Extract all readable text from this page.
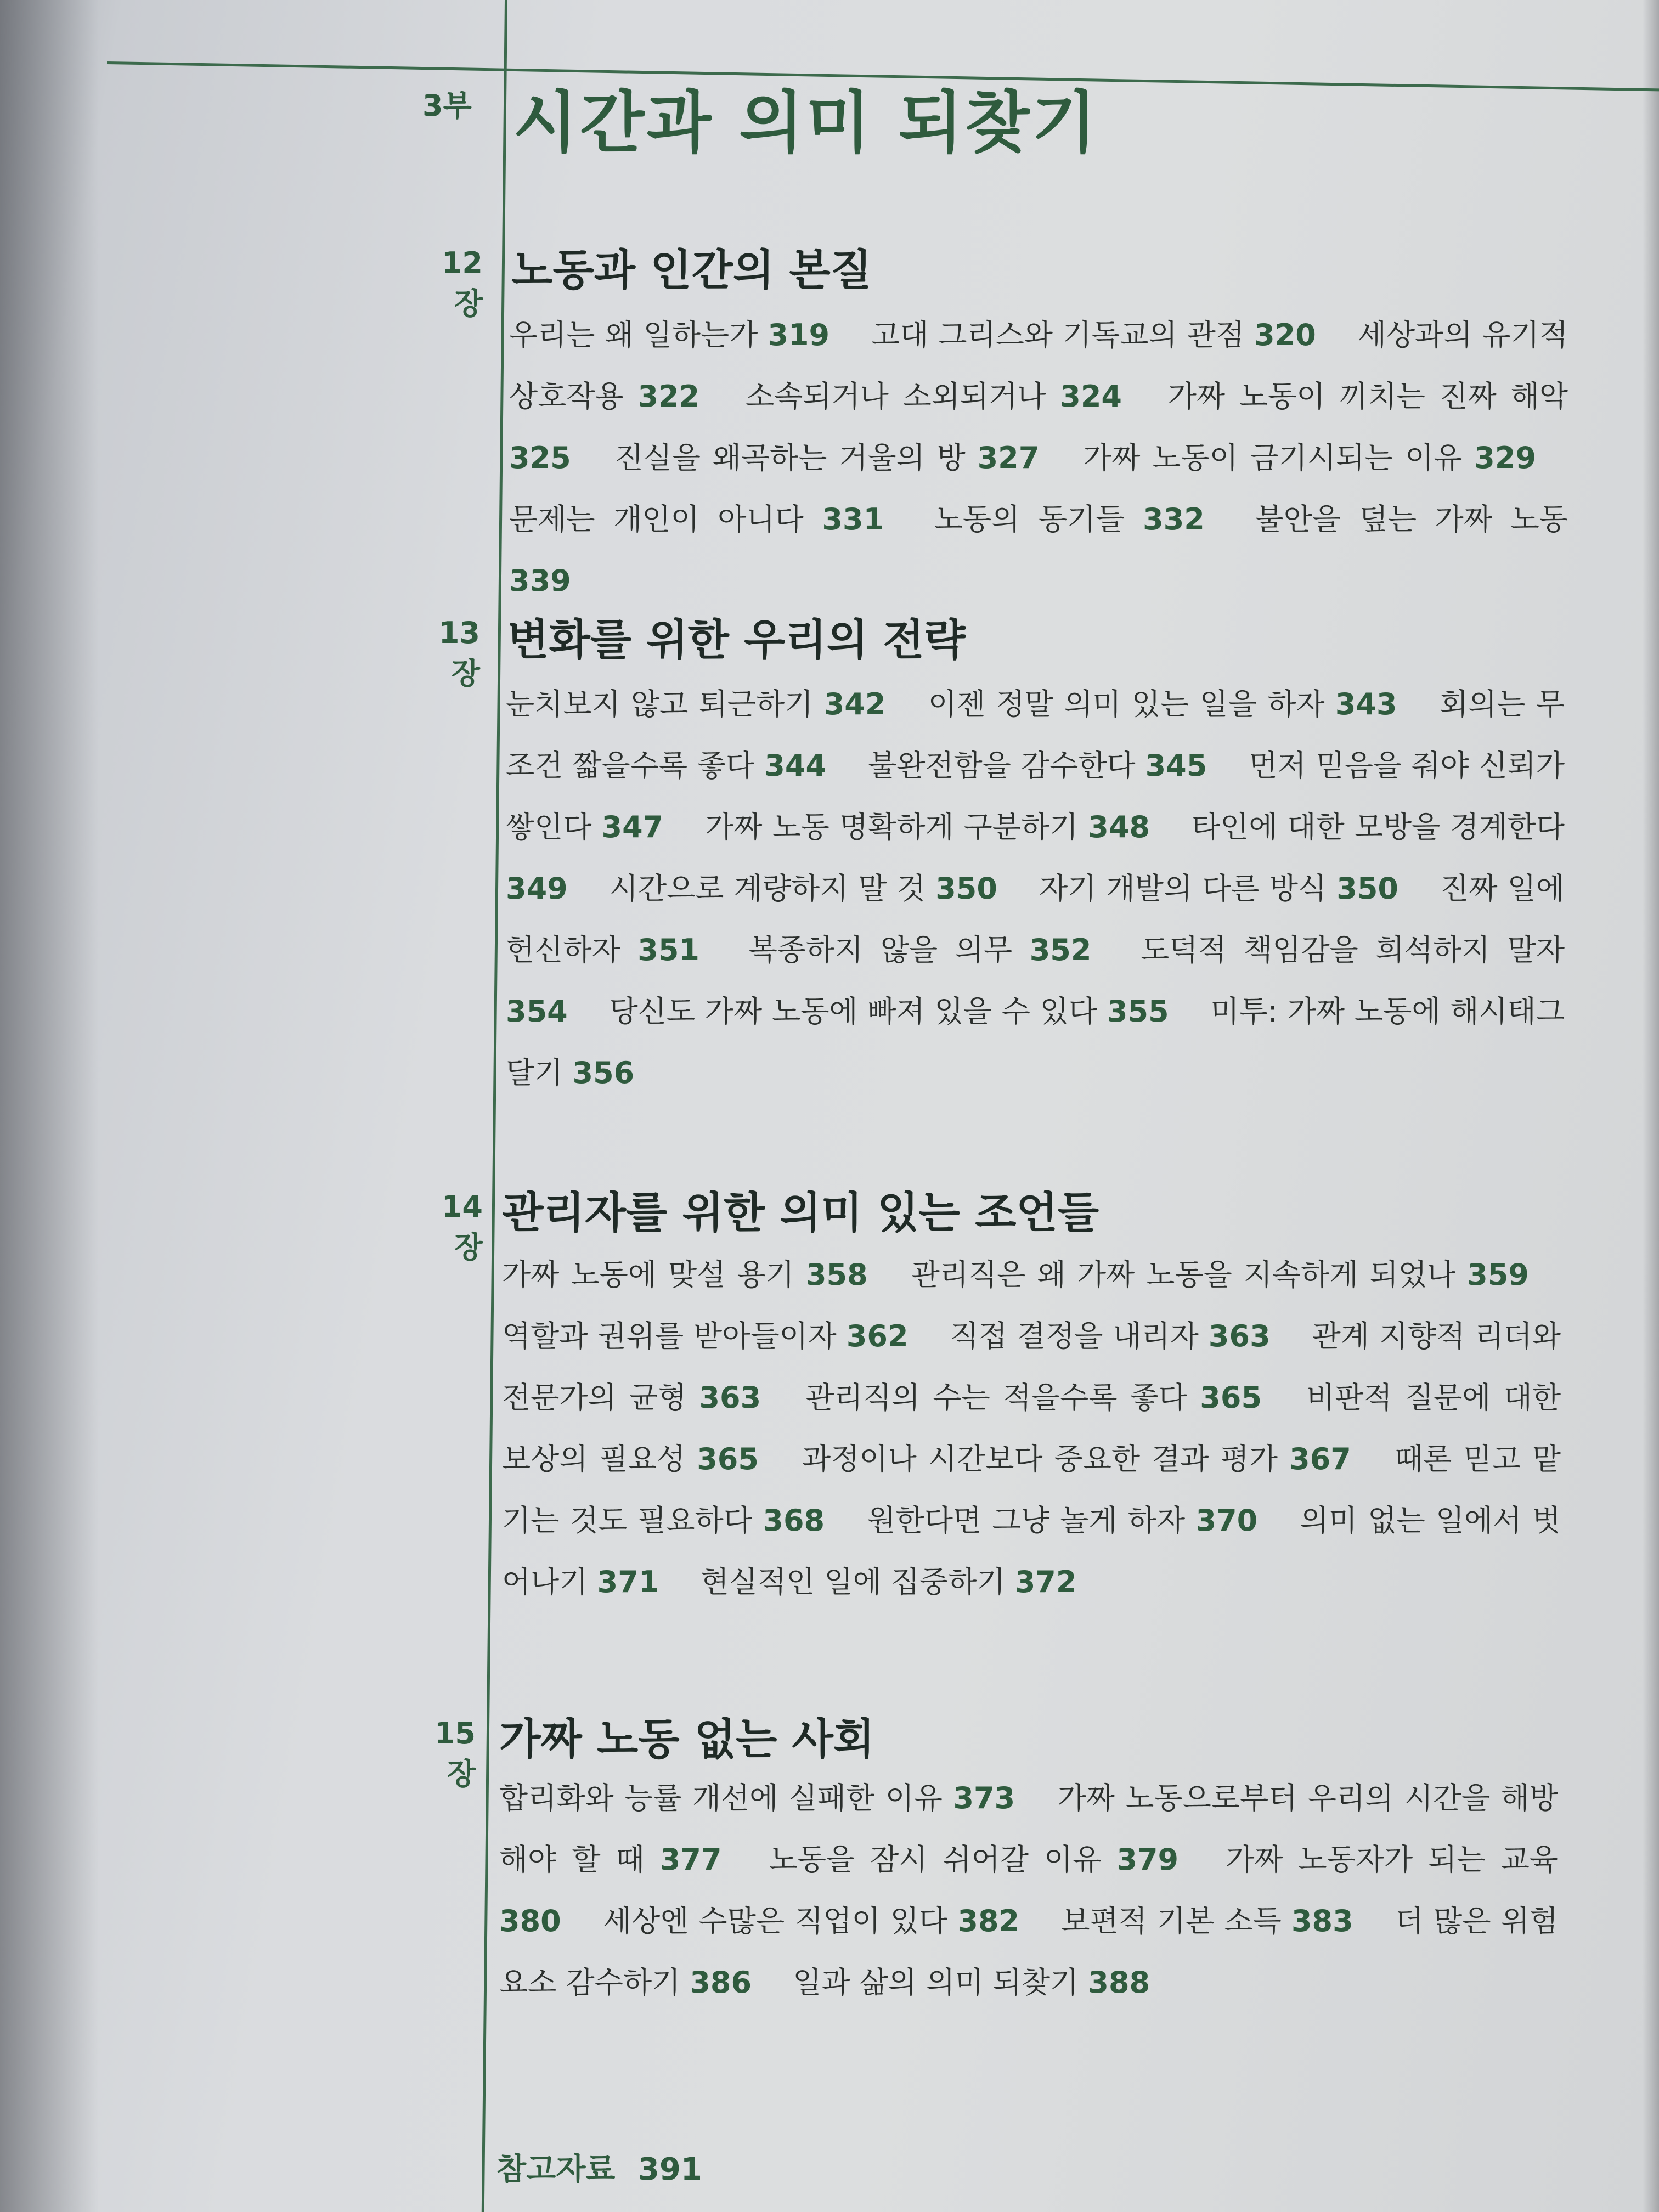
3부 시간과 의미 되찾기
12장
노동과 인간의 본질
우리는 왜 일하는가 319 고대 그리스와 기독교의 관점 320 세상과의 유기적 상호작용 322 소속되거나 소외되거나 324 가짜 노동이 끼치는 진짜 해악 325 진실을 왜곡하는 거울의 방 327 가짜 노동이 금기시되는 이유 329 문제는 개인이 아니다 331 노동의 동기들 332 불안을 덮는 가짜 노동 339
13장
변화를 위한 우리의 전략
눈치보지 않고 퇴근하기 342 이젠 정말 의미 있는 일을 하자 343 회의는 무조건 짧을수록 좋다 344 불완전함을 감수한다 345 먼저 믿음을 줘야 신뢰가 쌓인다 347 가짜 노동 명확하게 구분하기 348 타인에 대한 모방을 경계한다 349 시간으로 계량하지 말 것 350 자기 개발의 다른 방식 350 진짜 일에 헌신하자 351 복종하지 않을 의무 352 도덕적 책임감을 희석하지 말자 354 당신도 가짜 노동에 빠져 있을 수 있다 355 미투: 가짜 노동에 해시태그 달기 356
14장
관리자를 위한 의미 있는 조언들
가짜 노동에 맞설 용기 358 관리직은 왜 가짜 노동을 지속하게 되었나 359 역할과 권위를 받아들이자 362 직접 결정을 내리자 363 관계 지향적 리더와 전문가의 균형 363 관리직의 수는 적을수록 좋다 365 비판적 질문에 대한 보상의 필요성 365 과정이나 시간보다 중요한 결과 평가 367 때론 믿고 맡기는 것도 필요하다 368 원한다면 그냥 놀게 하자 370 의미 없는 일에서 벗어나기 371 현실적인 일에 집중하기 372
15장
가짜 노동 없는 사회
합리화와 능률 개선에 실패한 이유 373 가짜 노동으로부터 우리의 시간을 해방해야 할 때 377 노동을 잠시 쉬어갈 이유 379 가짜 노동자가 되는 교육 380 세상엔 수많은 직업이 있다 382 보편적 기본 소득 383 더 많은 위험 요소 감수하기 386 일과 삶의 의미 되찾기 388
참고자료 391
